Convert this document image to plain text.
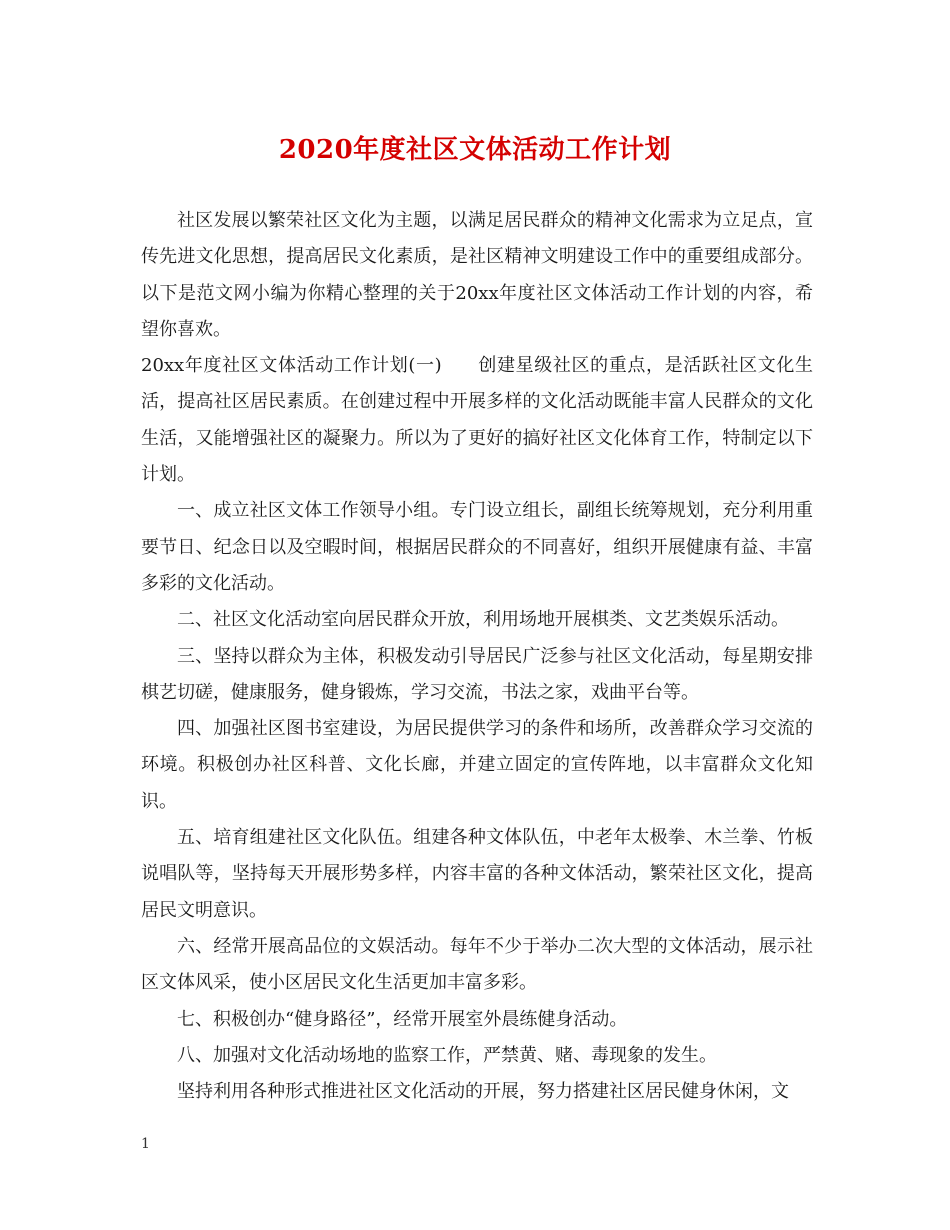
2020年度社区文体活动工作计划

社区发展以繁荣社区文化为主题，以满足居民群众的精神文化需求为立足点，宣传先进文化思想，提高居民文化素质，是社区精神文明建设工作中的重要组成部分。以下是范文网小编为你精心整理的关于20xx年度社区文体活动工作计划的内容，希望你喜欢。

20xx年度社区文体活动工作计划(一) 创建星级社区的重点，是活跃社区文化生活，提高社区居民素质。在创建过程中开展多样的文化活动既能丰富人民群众的文化生活，又能增强社区的凝聚力。所以为了更好的搞好社区文化体育工作，特制定以下计划。

一、成立社区文体工作领导小组。专门设立组长，副组长统筹规划，充分利用重要节日、纪念日以及空暇时间，根据居民群众的不同喜好，组织开展健康有益、丰富多彩的文化活动。

二、社区文化活动室向居民群众开放，利用场地开展棋类、文艺类娱乐活动。

三、坚持以群众为主体，积极发动引导居民广泛参与社区文化活动，每星期安排棋艺切磋，健康服务，健身锻炼，学习交流，书法之家，戏曲平台等。

四、加强社区图书室建设，为居民提供学习的条件和场所，改善群众学习交流的环境。积极创办社区科普、文化长廊，并建立固定的宣传阵地，以丰富群众文化知识。

五、培育组建社区文化队伍。组建各种文体队伍，中老年太极拳、木兰拳、竹板说唱队等，坚持每天开展形势多样，内容丰富的各种文体活动，繁荣社区文化，提高居民文明意识。

六、经常开展高品位的文娱活动。每年不少于举办二次大型的文体活动，展示社区文体风采，使小区居民文化生活更加丰富多彩。

七、积极创办“健身路径”，经常开展室外晨练健身活动。

八、加强对文化活动场地的监察工作，严禁黄、赌、毒现象的发生。

坚持利用各种形式推进社区文化活动的开展，努力搭建社区居民健身休闲，文

1
